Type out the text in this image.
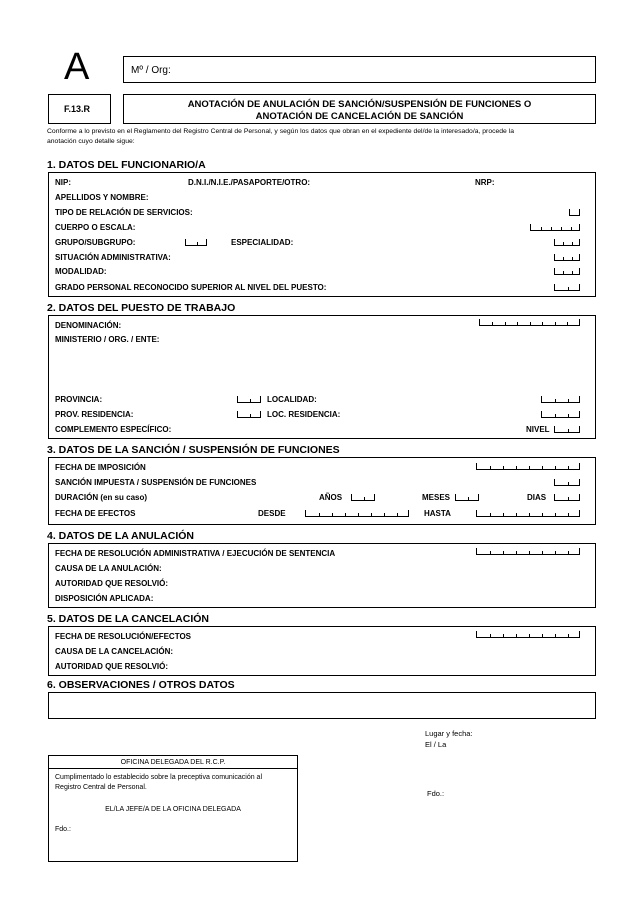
A	Mº / Org:
F.13.R	ANOTACIÓN DE ANULACIÓN DE SANCIÓN/SUSPENSIÓN DE FUNCIONES O
ANOTACIÓN DE CANCELACIÓN DE SANCIÓN
Conforme a lo previsto en el Reglamento del Registro Central de Personal, y según los datos que obran en el expediente del/de la interesado/a, procede la
anotación cuyo detalle sigue:
1. DATOS DEL FUNCIONARIO/A
NIP:	D.N.I./N.I.E./PASAPORTE/OTRO:	NRP:
APELLIDOS Y NOMBRE:
TIPO DE RELACIÓN DE SERVICIOS:
CUERPO O ESCALA:
GRUPO/SUBGRUPO:	ESPECIALIDAD:
SITUACIÓN ADMINISTRATIVA:
MODALIDAD:
GRADO PERSONAL RECONOCIDO SUPERIOR AL NIVEL DEL PUESTO:
2. DATOS DEL PUESTO DE TRABAJO
DENOMINACIÓN:
MINISTERIO / ORG. / ENTE:
PROVINCIA:	LOCALIDAD:
PROV. RESIDENCIA:	LOC. RESIDENCIA:
COMPLEMENTO ESPECÍFICO:	NIVEL
3. DATOS DE LA SANCIÓN / SUSPENSIÓN DE FUNCIONES
FECHA DE IMPOSICIÓN
SANCIÓN IMPUESTA / SUSPENSIÓN DE FUNCIONES
DURACIÓN (en su caso)	AÑOS	MESES	DIAS
FECHA DE EFECTOS	DESDE	HASTA
4. DATOS DE LA ANULACIÓN
FECHA DE RESOLUCIÓN ADMINISTRATIVA / EJECUCIÓN DE SENTENCIA
CAUSA DE LA ANULACIÓN:
AUTORIDAD QUE RESOLVIÓ:
DISPOSICIÓN APLICADA:
5. DATOS DE LA CANCELACIÓN
FECHA DE RESOLUCIÓN/EFECTOS
CAUSA DE LA CANCELACIÓN:
AUTORIDAD QUE RESOLVIÓ:
6. OBSERVACIONES / OTROS DATOS
Lugar y fecha:
El / La
Fdo.:
OFICINA DELEGADA DEL R.C.P.
Cumplimentado lo establecido sobre la preceptiva comunicación al
Registro Central de Personal.
EL/LA JEFE/A DE LA OFICINA DELEGADA
Fdo.:
